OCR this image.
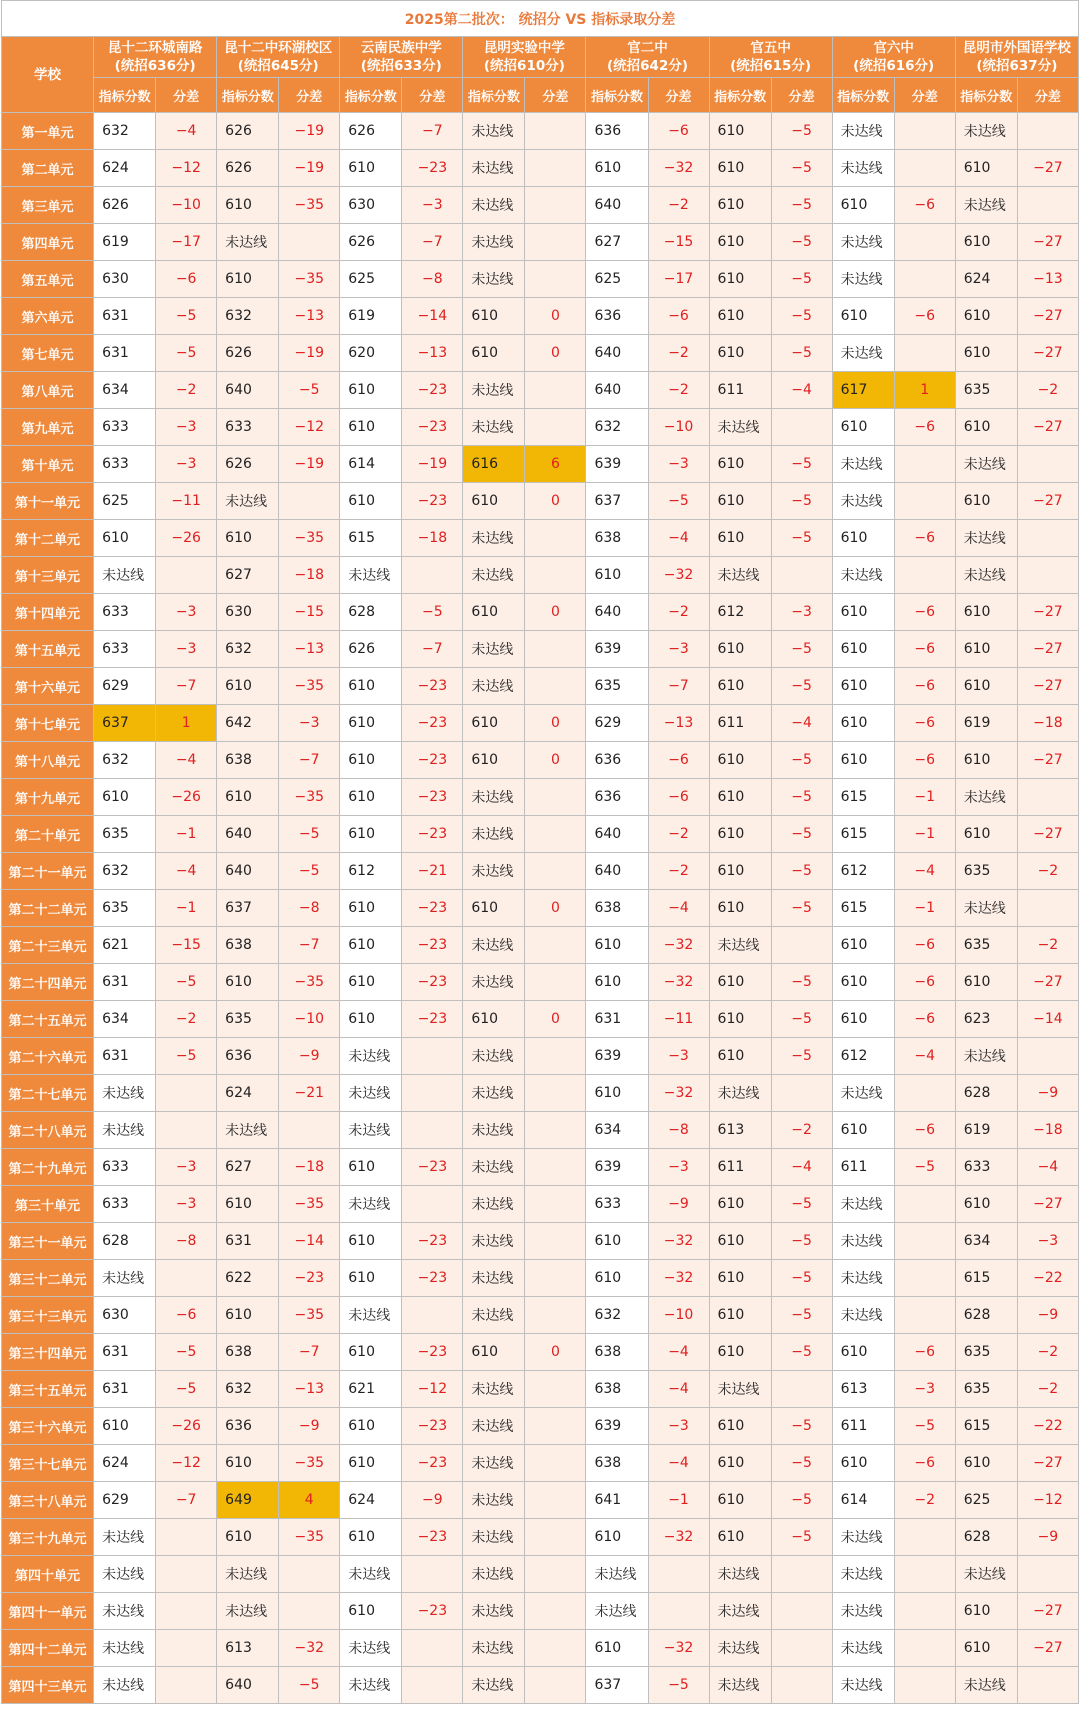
2025第二批次： 统招分 VS 指标录取分差																
学校	昆十二环城南路
(统招636分)		昆十二中环湖校区
(统招645分)		云南民族中学
(统招633分)		昆明实验中学
(统招610分)		官二中
(统招642分)		官五中
(统招615分)		官六中
(统招616分)		昆明市外国语学校
(统招637分)	

	指标分数	分差	指标分数	分差	指标分数	分差	指标分数	分差	指标分数	分差	指标分数	分差	指标分数	分差	指标分数	分差
第一单元	632	−4	626	−19	626	−7	未达线		636	−6	610	−5	未达线		未达线	
第二单元	624	−12	626	−19	610	−23	未达线		610	−32	610	−5	未达线		610	−27
第三单元	626	−10	610	−35	630	−3	未达线		640	−2	610	−5	610	−6	未达线	
第四单元	619	−17	未达线		626	−7	未达线		627	−15	610	−5	未达线		610	−27
第五单元	630	−6	610	−35	625	−8	未达线		625	−17	610	−5	未达线		624	−13
第六单元	631	−5	632	−13	619	−14	610	0	636	−6	610	−5	610	−6	610	−27
第七单元	631	−5	626	−19	620	−13	610	0	640	−2	610	−5	未达线		610	−27
第八单元	634	−2	640	−5	610	−23	未达线		640	−2	611	−4	617	1	635	−2
第九单元	633	−3	633	−12	610	−23	未达线		632	−10	未达线		610	−6	610	−27
第十单元	633	−3	626	−19	614	−19	616	6	639	−3	610	−5	未达线		未达线	
第十一单元	625	−11	未达线		610	−23	610	0	637	−5	610	−5	未达线		610	−27
第十二单元	610	−26	610	−35	615	−18	未达线		638	−4	610	−5	610	−6	未达线	
第十三单元	未达线		627	−18	未达线		未达线		610	−32	未达线		未达线		未达线	
第十四单元	633	−3	630	−15	628	−5	610	0	640	−2	612	−3	610	−6	610	−27
第十五单元	633	−3	632	−13	626	−7	未达线		639	−3	610	−5	610	−6	610	−27
第十六单元	629	−7	610	−35	610	−23	未达线		635	−7	610	−5	610	−6	610	−27
第十七单元	637	1	642	−3	610	−23	610	0	629	−13	611	−4	610	−6	619	−18
第十八单元	632	−4	638	−7	610	−23	610	0	636	−6	610	−5	610	−6	610	−27
第十九单元	610	−26	610	−35	610	−23	未达线		636	−6	610	−5	615	−1	未达线	
第二十单元	635	−1	640	−5	610	−23	未达线		640	−2	610	−5	615	−1	610	−27
第二十一单元	632	−4	640	−5	612	−21	未达线		640	−2	610	−5	612	−4	635	−2
第二十二单元	635	−1	637	−8	610	−23	610	0	638	−4	610	−5	615	−1	未达线	
第二十三单元	621	−15	638	−7	610	−23	未达线		610	−32	未达线		610	−6	635	−2
第二十四单元	631	−5	610	−35	610	−23	未达线		610	−32	610	−5	610	−6	610	−27
第二十五单元	634	−2	635	−10	610	−23	610	0	631	−11	610	−5	610	−6	623	−14
第二十六单元	631	−5	636	−9	未达线		未达线		639	−3	610	−5	612	−4	未达线	
第二十七单元	未达线		624	−21	未达线		未达线		610	−32	未达线		未达线		628	−9
第二十八单元	未达线		未达线		未达线		未达线		634	−8	613	−2	610	−6	619	−18
第二十九单元	633	−3	627	−18	610	−23	未达线		639	−3	611	−4	611	−5	633	−4
第三十单元	633	−3	610	−35	未达线		未达线		633	−9	610	−5	未达线		610	−27
第三十一单元	628	−8	631	−14	610	−23	未达线		610	−32	610	−5	未达线		634	−3
第三十二单元	未达线		622	−23	610	−23	未达线		610	−32	610	−5	未达线		615	−22
第三十三单元	630	−6	610	−35	未达线		未达线		632	−10	610	−5	未达线		628	−9
第三十四单元	631	−5	638	−7	610	−23	610	0	638	−4	610	−5	610	−6	635	−2
第三十五单元	631	−5	632	−13	621	−12	未达线		638	−4	未达线		613	−3	635	−2
第三十六单元	610	−26	636	−9	610	−23	未达线		639	−3	610	−5	611	−5	615	−22
第三十七单元	624	−12	610	−35	610	−23	未达线		638	−4	610	−5	610	−6	610	−27
第三十八单元	629	−7	649	4	624	−9	未达线		641	−1	610	−5	614	−2	625	−12
第三十九单元	未达线		610	−35	610	−23	未达线		610	−32	610	−5	未达线		628	−9
第四十单元	未达线		未达线		未达线		未达线		未达线		未达线		未达线		未达线	
第四十一单元	未达线		未达线		610	−23	未达线		未达线		未达线		未达线		610	−27
第四十二单元	未达线		613	−32	未达线		未达线		610	−32	未达线		未达线		610	−27
第四十三单元	未达线		640	−5	未达线		未达线		637	−5	未达线		未达线		未达线	
